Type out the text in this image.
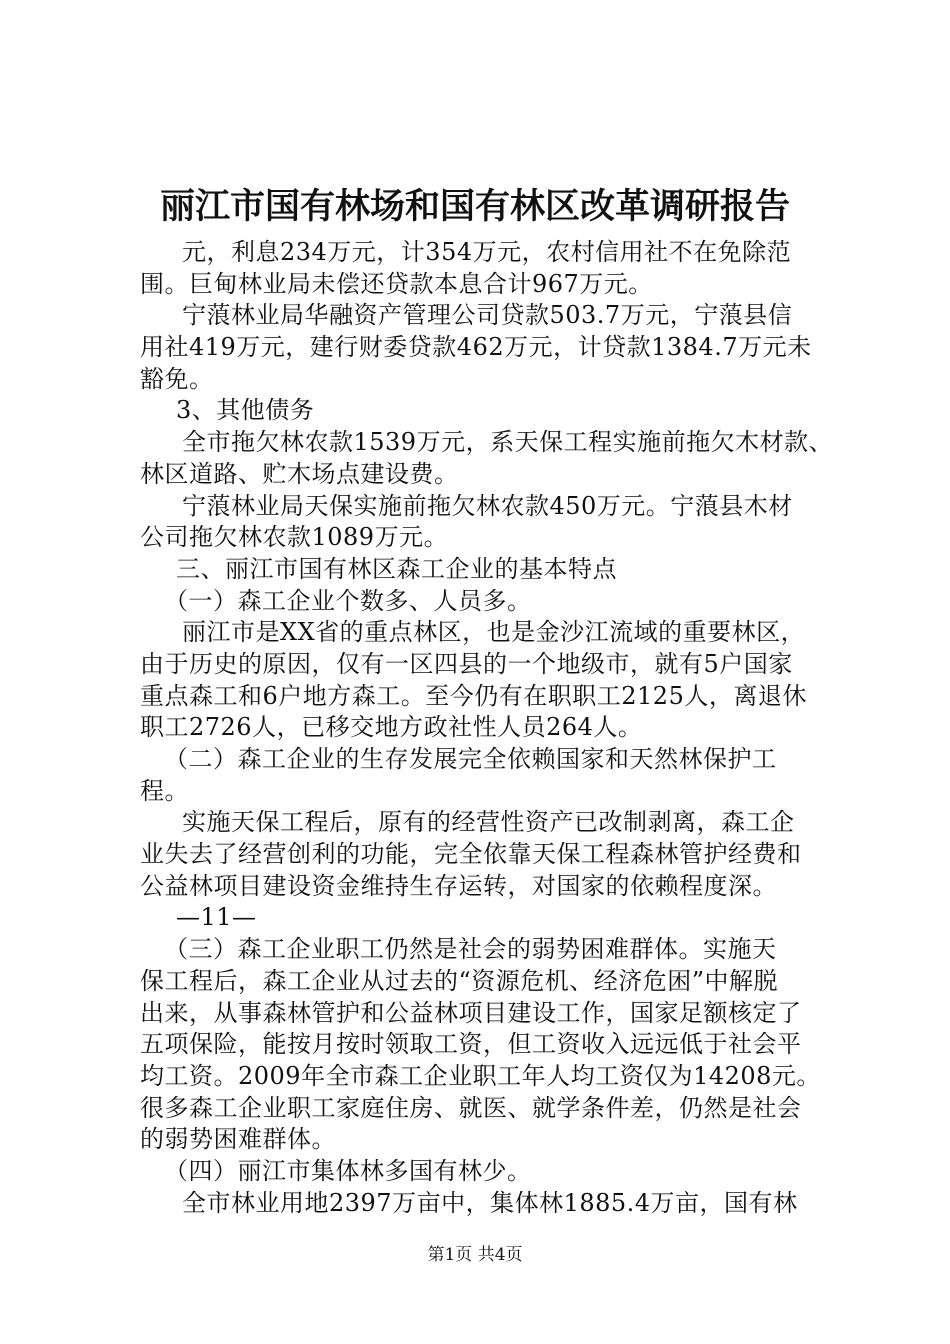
丽江市国有林场和国有林区改革调研报告
元，利息234万元，计354万元，农村信用社不在免除范
围。巨甸林业局未偿还贷款本息合计967万元。
宁蒗林业局华融资产管理公司贷款503.7万元，宁蒗县信
用社419万元，建行财委贷款462万元，计贷款1384.7万元未
豁免。
3、其他债务
全市拖欠林农款1539万元，系天保工程实施前拖欠木材款、
林区道路、贮木场点建设费。
宁蒗林业局天保实施前拖欠林农款450万元。宁蒗县木材
公司拖欠林农款1089万元。
三、丽江市国有林区森工企业的基本特点
（一）森工企业个数多、人员多。
丽江市是XX省的重点林区，也是金沙江流域的重要林区，
由于历史的原因，仅有一区四县的一个地级市，就有5户国家
重点森工和6户地方森工。至今仍有在职职工2125人，离退休
职工2726人，已移交地方政社性人员264人。
（二）森工企业的生存发展完全依赖国家和天然林保护工
程。
实施天保工程后，原有的经营性资产已改制剥离，森工企
业失去了经营创利的功能，完全依靠天保工程森林管护经费和
公益林项目建设资金维持生存运转，对国家的依赖程度深。
—11—
（三）森工企业职工仍然是社会的弱势困难群体。实施天
保工程后，森工企业从过去的“资源危机、经济危困”中解脱
出来，从事森林管护和公益林项目建设工作，国家足额核定了
五项保险，能按月按时领取工资，但工资收入远远低于社会平
均工资。2009年全市森工企业职工年人均工资仅为14208元。
很多森工企业职工家庭住房、就医、就学条件差，仍然是社会
的弱势困难群体。
（四）丽江市集体林多国有林少。
全市林业用地2397万亩中，集体林1885.4万亩，国有林
第1页 共4页
